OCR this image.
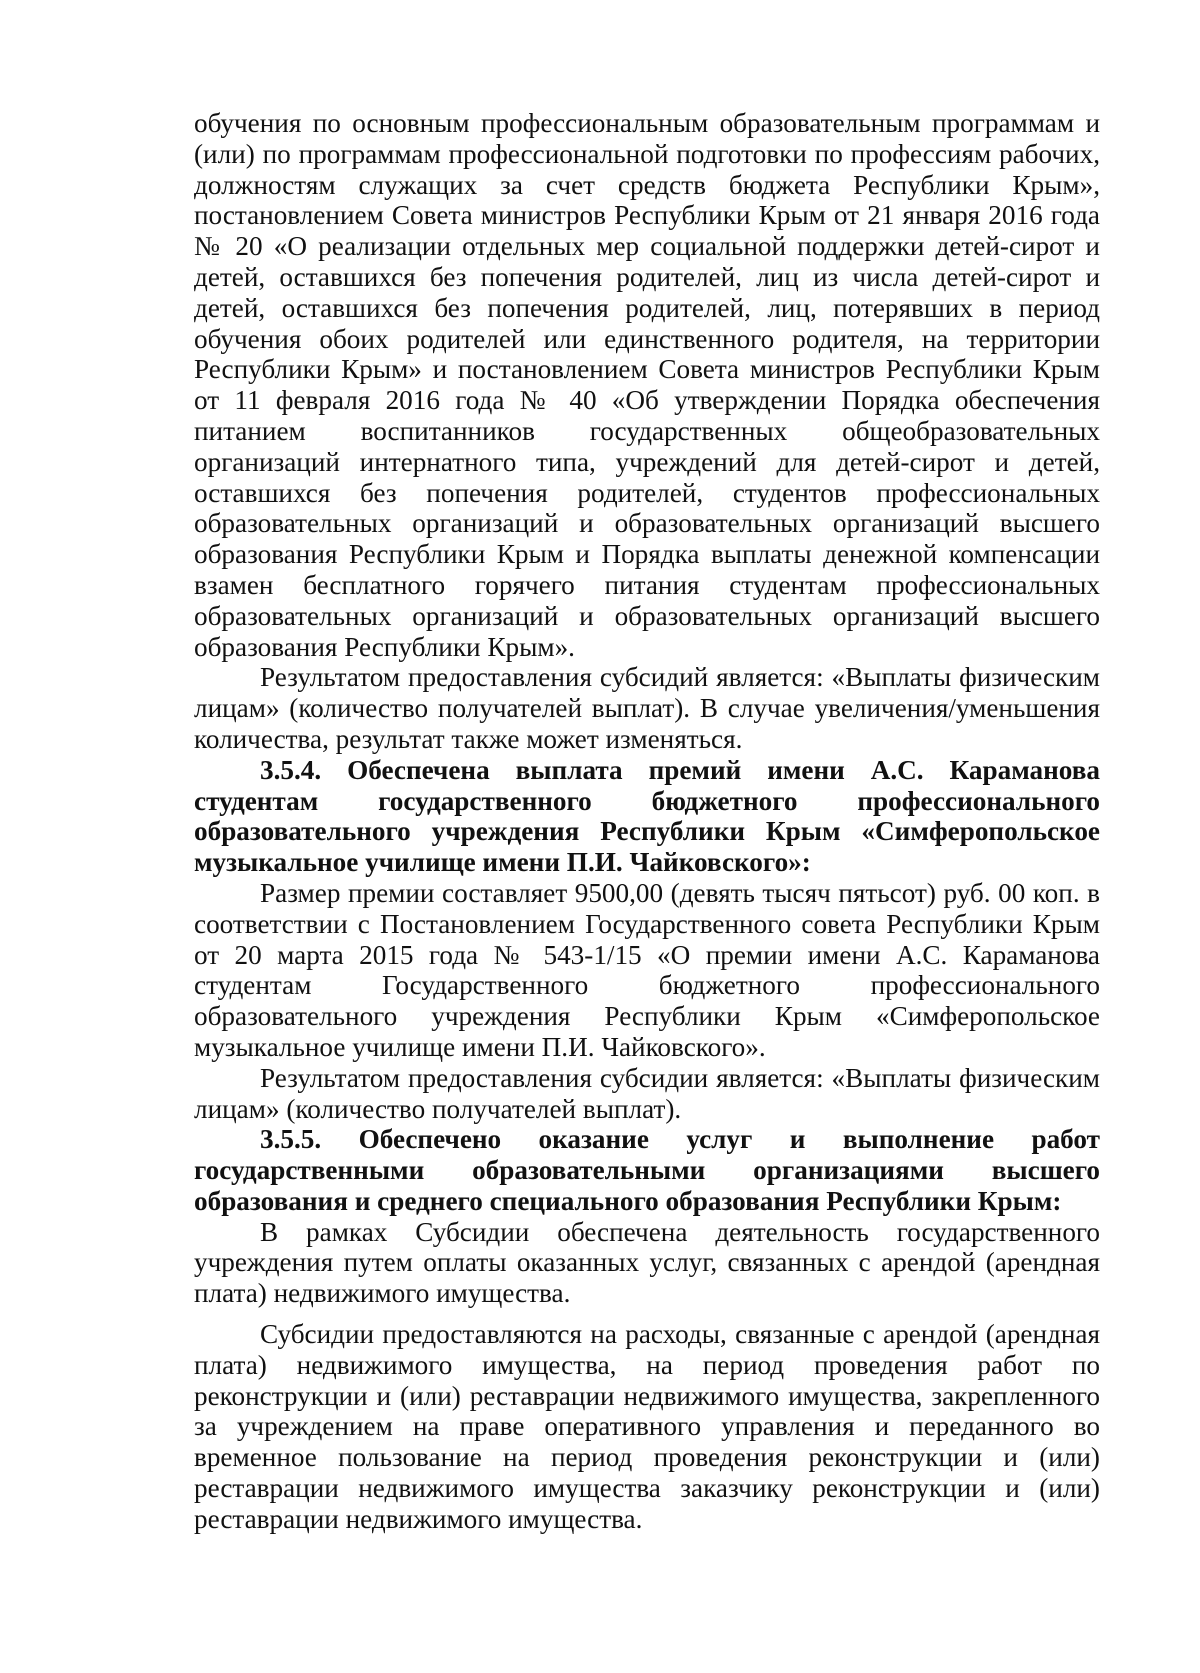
обучения по основным профессиональным образовательным программам и (или) по программам профессиональной подготовки по профессиям рабочих, должностям служащих за счет средств бюджета Республики Крым», постановлением Совета министров Республики Крым от 21 января 2016 года № 20 «О реализации отдельных мер социальной поддержки детей-сирот и детей, оставшихся без попечения родителей, лиц из числа детей-сирот и детей, оставшихся без попечения родителей, лиц, потерявших в период обучения обоих родителей или единственного родителя, на территории Республики Крым» и постановлением Совета министров Республики Крым от 11 февраля 2016 года № 40 «Об утверждении Порядка обеспечения питанием воспитанников государственных общеобразовательных организаций интернатного типа, учреждений для детей-сирот и детей, оставшихся без попечения родителей, студентов профессиональных образовательных организаций и образовательных организаций высшего образования Республики Крым и Порядка выплаты денежной компенсации взамен бесплатного горячего питания студентам профессиональных образовательных организаций и образовательных организаций высшего образования Республики Крым».

Результатом предоставления субсидий является: «Выплаты физическим лицам» (количество получателей выплат). В случае увеличения/уменьшения количества, результат также может изменяться.

3.5.4. Обеспечена выплата премий имени А.С. Караманова студентам государственного бюджетного профессионального образовательного учреждения Республики Крым «Симферопольское музыкальное училище имени П.И. Чайковского»:

Размер премии составляет 9500,00 (девять тысяч пятьсот) руб. 00 коп. в соответствии с Постановлением Государственного совета Республики Крым от 20 марта 2015 года № 543-1/15 «О премии имени А.С. Караманова студентам Государственного бюджетного профессионального образовательного учреждения Республики Крым «Симферопольское музыкальное училище имени П.И. Чайковского».

Результатом предоставления субсидии является: «Выплаты физическим лицам» (количество получателей выплат).

3.5.5. Обеспечено оказание услуг и выполнение работ государственными образовательными организациями высшего образования и среднего специального образования Республики Крым:

В рамках Субсидии обеспечена деятельность государственного учреждения путем оплаты оказанных услуг, связанных с арендой (арендная плата) недвижимого имущества.

Субсидии предоставляются на расходы, связанные с арендой (арендная плата) недвижимого имущества, на период проведения работ по реконструкции и (или) реставрации недвижимого имущества, закрепленного за учреждением на праве оперативного управления и переданного во временное пользование на период проведения реконструкции и (или) реставрации недвижимого имущества заказчику реконструкции и (или) реставрации недвижимого имущества.
